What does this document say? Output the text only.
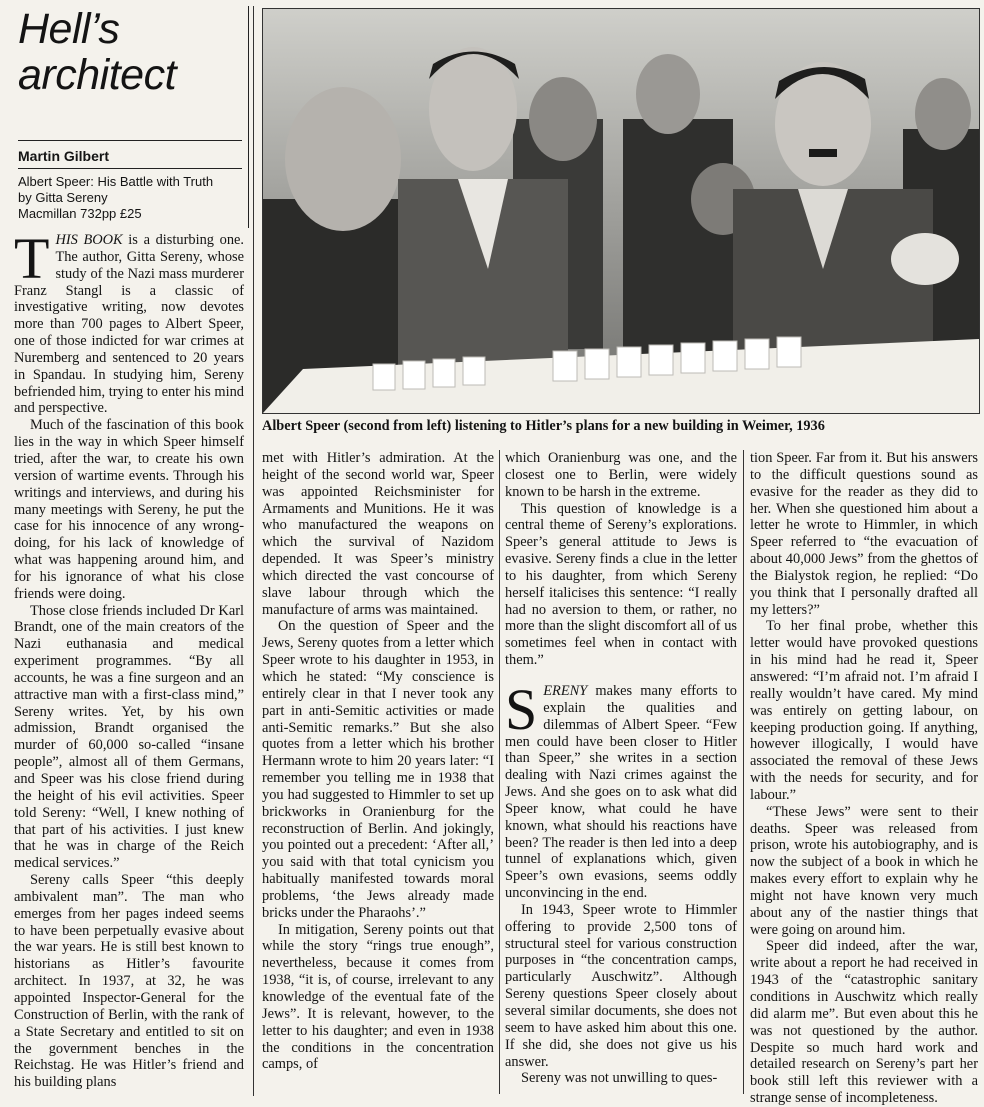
Hell’s
architect

Martin Gilbert

Albert Speer: His Battle with Truth
by Gitta Sereny
Macmillan 732pp £25

Albert Speer (second from left) listening to Hitler’s plans for a new building in Weimer, 1936

THIS BOOK is a disturbing one. The author, Gitta Sereny, whose study of the Nazi mass murderer Franz Stangl is a classic of investigative writing, now devotes more than 700 pages to Albert Speer, one of those indicted for war crimes at Nuremberg and sentenced to 20 years in Spandau. In studying him, Sereny befriended him, trying to enter his mind and perspective.

Much of the fascination of this book lies in the way in which Speer himself tried, after the war, to create his own version of wartime events. Through his writings and interviews, and during his many meetings with Sereny, he put the case for his innocence of any wrong-doing, for his lack of knowledge of what was happening around him, and for his ignorance of what his close friends were doing.

Those close friends included Dr Karl Brandt, one of the main creators of the Nazi euthanasia and medical experiment programmes. “By all accounts, he was a fine surgeon and an attractive man with a first-class mind,” Sereny writes. Yet, by his own admission, Brandt organised the murder of 60,000 so-called “insane people”, almost all of them Germans, and Speer was his close friend during the height of his evil activities. Speer told Sereny: “Well, I knew nothing of that part of his activities. I just knew that he was in charge of the Reich medical services.”

Sereny calls Speer “this deeply ambivalent man”. The man who emerges from her pages indeed seems to have been perpetually evasive about the war years. He is still best known to historians as Hitler’s favourite architect. In 1937, at 32, he was appointed Inspector-General for the Construction of Berlin, with the rank of a State Secretary and entitled to sit on the government benches in the Reichstag. He was Hitler’s friend and his building plans

met with Hitler’s admiration. At the height of the second world war, Speer was appointed Reichsminister for Armaments and Munitions. He it was who manufactured the weapons on which the survival of Nazidom depended. It was Speer’s ministry which directed the vast concourse of slave labour through which the manufacture of arms was maintained.

On the question of Speer and the Jews, Sereny quotes from a letter which Speer wrote to his daughter in 1953, in which he stated: “My conscience is entirely clear in that I never took any part in anti-Semitic activities or made anti-Semitic remarks.” But she also quotes from a letter which his brother Hermann wrote to him 20 years later: “I remember you telling me in 1938 that you had suggested to Himmler to set up brickworks in Oranienburg for the reconstruction of Berlin. And jokingly, you pointed out a precedent: ‘After all,’ you said with that total cynicism you habitually manifested towards moral problems, ‘the Jews already made bricks under the Pharaohs’.”

In mitigation, Sereny points out that while the story “rings true enough”, nevertheless, because it comes from 1938, “it is, of course, irrelevant to any knowledge of the eventual fate of the Jews”. It is relevant, however, to the letter to his daughter; and even in 1938 the conditions in the concentration camps, of

which Oranienburg was one, and the closest one to Berlin, were widely known to be harsh in the extreme.

This question of knowledge is a central theme of Sereny’s explorations. Speer’s general attitude to Jews is evasive. Sereny finds a clue in the letter to his daughter, from which Sereny herself italicises this sentence: “I really had no aversion to them, or rather, no more than the slight discomfort all of us sometimes feel when in contact with them.”

SERENY makes many efforts to explain the qualities and dilemmas of Albert Speer. “Few men could have been closer to Hitler than Speer,” she writes in a section dealing with Nazi crimes against the Jews. And she goes on to ask what did Speer know, what could he have known, what should his reactions have been? The reader is then led into a deep tunnel of explanations which, given Speer’s own evasions, seems oddly unconvincing in the end.

In 1943, Speer wrote to Himmler offering to provide 2,500 tons of structural steel for various construction purposes in “the concentration camps, particularly Auschwitz”. Although Sereny questions Speer closely about several similar documents, she does not seem to have asked him about this one. If she did, she does not give us his answer.

Sereny was not unwilling to ques-

tion Speer. Far from it. But his answers to the difficult questions sound as evasive for the reader as they did to her. When she questioned him about a letter he wrote to Himmler, in which Speer referred to “the evacuation of about 40,000 Jews” from the ghettos of the Bialystok region, he replied: “Do you think that I personally drafted all my letters?”

To her final probe, whether this letter would have provoked questions in his mind had he read it, Speer answered: “I’m afraid not. I’m afraid I really wouldn’t have cared. My mind was entirely on getting labour, on keeping production going. If anything, however illogically, I would have associated the removal of these Jews with the needs for security, and for labour.”

“These Jews” were sent to their deaths. Speer was released from prison, wrote his autobiography, and is now the subject of a book in which he makes every effort to explain why he might not have known very much about any of the nastier things that were going on around him.

Speer did indeed, after the war, write about a report he had received in 1943 of the “catastrophic sanitary conditions in Auschwitz which really did alarm me”. But even about this he was not questioned by the author. Despite so much hard work and detailed research on Sereny’s part her book still left this reviewer with a strange sense of incompleteness.
